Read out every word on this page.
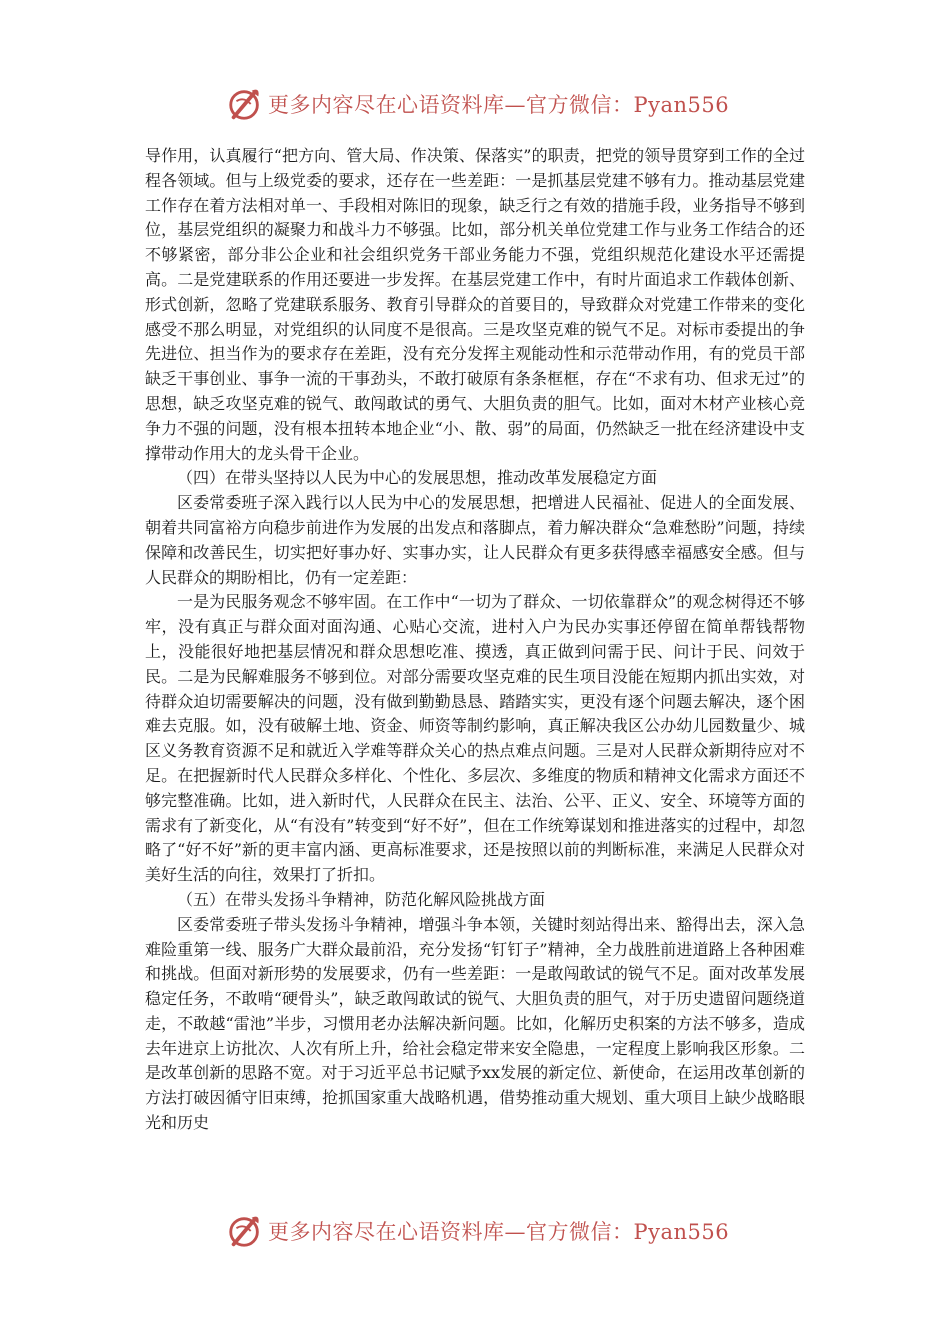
更多内容尽在心语资料库—官方微信：Pyan556

导作用，认真履行“把方向、管大局、作决策、保落实”的职责，把党的领导贯穿到工作的全过程各领域。但与上级党委的要求，还存在一些差距：一是抓基层党建不够有力。推动基层党建工作存在着方法相对单一、手段相对陈旧的现象，缺乏行之有效的措施手段，业务指导不够到位，基层党组织的凝聚力和战斗力不够强。比如，部分机关单位党建工作与业务工作结合的还不够紧密，部分非公企业和社会组织党务干部业务能力不强，党组织规范化建设水平还需提高。二是党建联系的作用还要进一步发挥。在基层党建工作中，有时片面追求工作载体创新、形式创新，忽略了党建联系服务、教育引导群众的首要目的，导致群众对党建工作带来的变化感受不那么明显，对党组织的认同度不是很高。三是攻坚克难的锐气不足。对标市委提出的争先进位、担当作为的要求存在差距，没有充分发挥主观能动性和示范带动作用，有的党员干部缺乏干事创业、事争一流的干事劲头，不敢打破原有条条框框，存在“不求有功、但求无过”的思想，缺乏攻坚克难的锐气、敢闯敢试的勇气、大胆负责的胆气。比如，面对木材产业核心竞争力不强的问题，没有根本扭转本地企业“小、散、弱”的局面，仍然缺乏一批在经济建设中支撑带动作用大的龙头骨干企业。

（四）在带头坚持以人民为中心的发展思想，推动改革发展稳定方面

区委常委班子深入践行以人民为中心的发展思想，把增进人民福祉、促进人的全面发展、朝着共同富裕方向稳步前进作为发展的出发点和落脚点，着力解决群众“急难愁盼”问题，持续保障和改善民生，切实把好事办好、实事办实，让人民群众有更多获得感幸福感安全感。但与人民群众的期盼相比，仍有一定差距：

一是为民服务观念不够牢固。在工作中“一切为了群众、一切依靠群众”的观念树得还不够牢，没有真正与群众面对面沟通、心贴心交流，进村入户为民办实事还停留在简单帮钱帮物上，没能很好地把基层情况和群众思想吃准、摸透，真正做到问需于民、问计于民、问效于民。二是为民解难服务不够到位。对部分需要攻坚克难的民生项目没能在短期内抓出实效，对待群众迫切需要解决的问题，没有做到勤勤恳恳、踏踏实实，更没有逐个问题去解决，逐个困难去克服。如，没有破解土地、资金、师资等制约影响，真正解决我区公办幼儿园数量少、城区义务教育资源不足和就近入学难等群众关心的热点难点问题。三是对人民群众新期待应对不足。在把握新时代人民群众多样化、个性化、多层次、多维度的物质和精神文化需求方面还不够完整准确。比如，进入新时代，人民群众在民主、法治、公平、正义、安全、环境等方面的需求有了新变化，从“有没有”转变到“好不好”，但在工作统筹谋划和推进落实的过程中，却忽略了“好不好”新的更丰富内涵、更高标准要求，还是按照以前的判断标准，来满足人民群众对美好生活的向往，效果打了折扣。

（五）在带头发扬斗争精神，防范化解风险挑战方面

区委常委班子带头发扬斗争精神，增强斗争本领，关键时刻站得出来、豁得出去，深入急难险重第一线、服务广大群众最前沿，充分发扬“钉钉子”精神，全力战胜前进道路上各种困难和挑战。但面对新形势的发展要求，仍有一些差距：一是敢闯敢试的锐气不足。面对改革发展稳定任务，不敢啃“硬骨头”，缺乏敢闯敢试的锐气、大胆负责的胆气，对于历史遗留问题绕道走，不敢越“雷池”半步，习惯用老办法解决新问题。比如，化解历史积案的方法不够多，造成去年进京上访批次、人次有所上升，给社会稳定带来安全隐患，一定程度上影响我区形象。二是改革创新的思路不宽。对于习近平总书记赋予xx发展的新定位、新使命，在运用改革创新的方法打破因循守旧束缚，抢抓国家重大战略机遇，借势推动重大规划、重大项目上缺少战略眼光和历史

更多内容尽在心语资料库—官方微信：Pyan556
